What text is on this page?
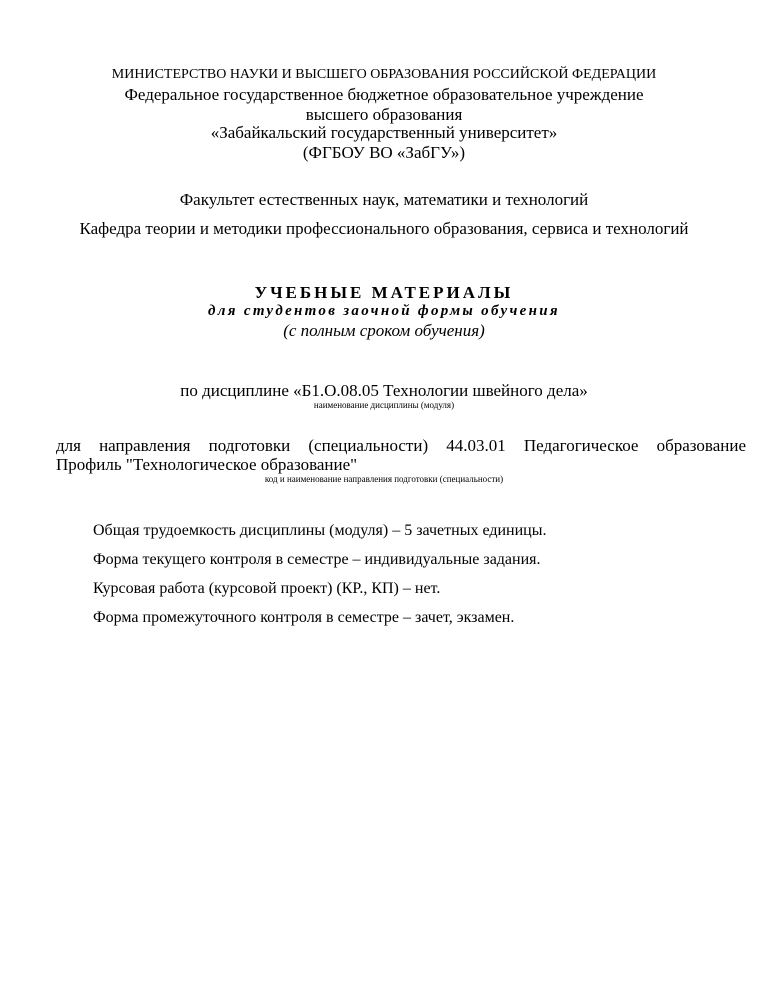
МИНИСТЕРСТВО НАУКИ И ВЫСШЕГО ОБРАЗОВАНИЯ РОССИЙСКОЙ ФЕДЕРАЦИИ
Федеральное государственное бюджетное образовательное учреждение
высшего образования
«Забайкальский государственный университет»
(ФГБОУ ВО «ЗабГУ»)
Факультет естественных наук, математики и технологий
Кафедра теории и методики профессионального образования, сервиса и технологий
УЧЕБНЫЕ МАТЕРИАЛЫ
для студентов заочной формы обучения
(с полным сроком обучения)
по дисциплине «Б1.О.08.05 Технологии швейного дела»
наименование дисциплины (модуля)
для направления подготовки (специальности) 44.03.01 Педагогическое образование
Профиль "Технологическое образование"
код и наименование направления подготовки (специальности)
Общая трудоемкость дисциплины (модуля) – 5 зачетных единицы.
Форма текущего контроля в семестре – индивидуальные задания.
Курсовая работа (курсовой проект) (КР., КП) – нет.
Форма промежуточного контроля в семестре – зачет, экзамен.
